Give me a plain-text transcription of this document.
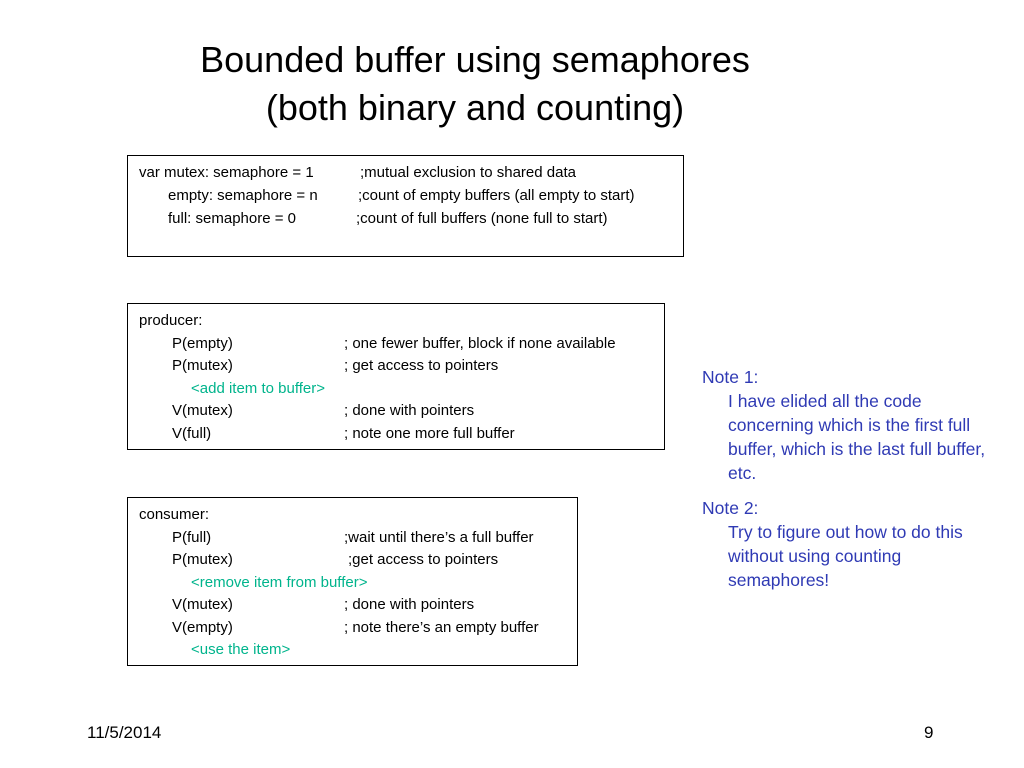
Bounded buffer using semaphores
(both binary and counting)
var mutex: semaphore = 1	;mutual exclusion to shared data
empty: semaphore = n	;count of empty buffers (all empty to start)
full: semaphore = 0	;count of full buffers (none full to start)
producer:
P(empty)	; one fewer buffer, block if none available
P(mutex)	; get access to pointers
<add item to buffer>
V(mutex)	; done with pointers
V(full)	; note one more full buffer
consumer:
P(full)	;wait until there’s a full buffer
P(mutex)	;get access to pointers
<remove item from buffer>
V(mutex)	; done with pointers
V(empty)	; note there’s an empty buffer
<use the item>
Note 1:
I have elided all the code concerning which is the first full buffer, which is the last full buffer, etc.
Note 2:
Try to figure out how to do this without using counting semaphores!
11/5/2014	9
